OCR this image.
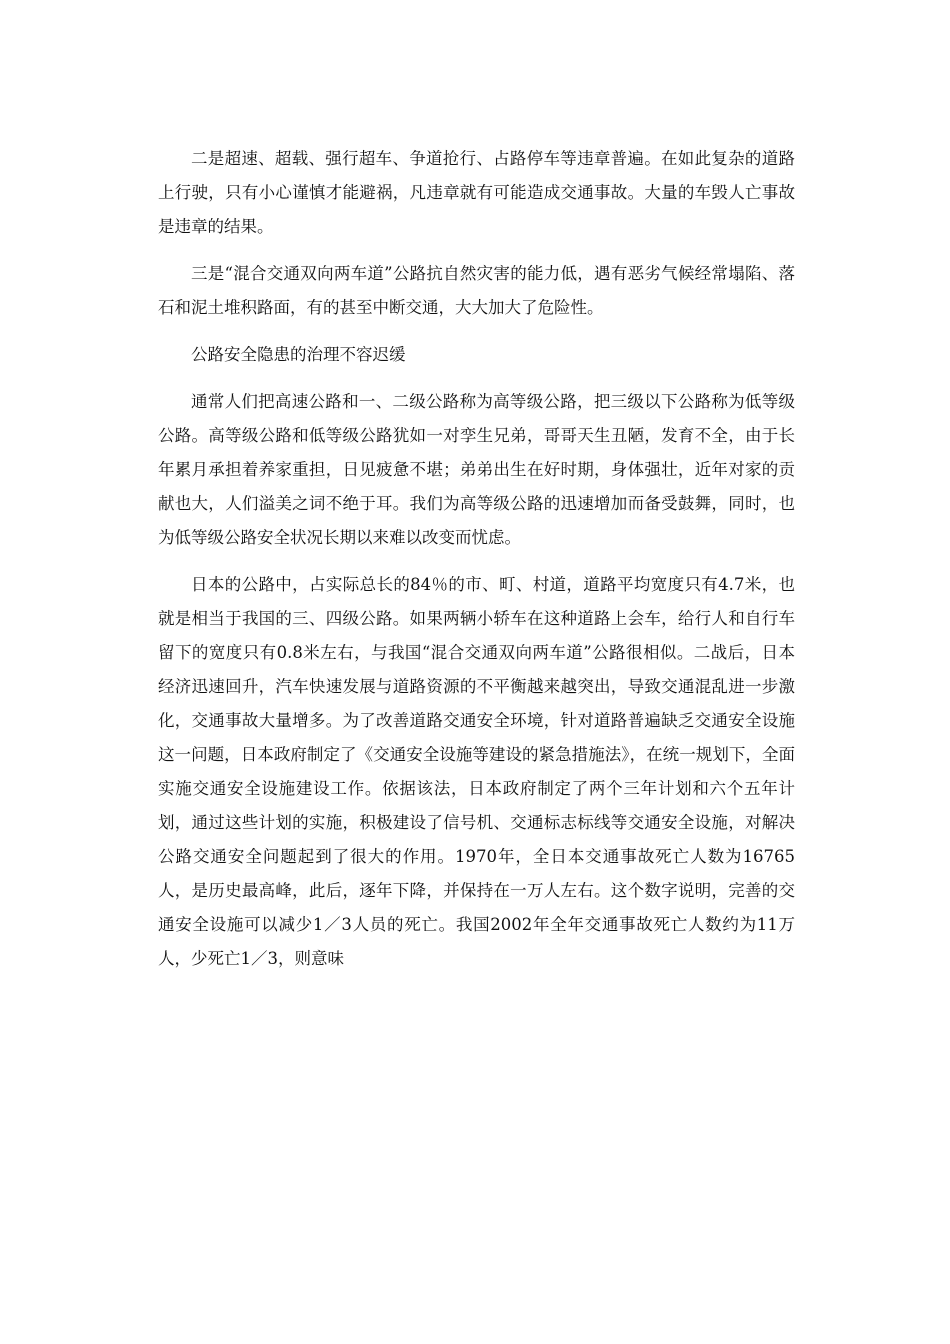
二是超速、超载、强行超车、争道抢行、占路停车等违章普遍。在如此复杂的道路上行驶，只有小心谨慎才能避祸，凡违章就有可能造成交通事故。大量的车毁人亡事故是违章的结果。

三是“混合交通双向两车道”公路抗自然灾害的能力低，遇有恶劣气候经常塌陷、落石和泥土堆积路面，有的甚至中断交通，大大加大了危险性。

公路安全隐患的治理不容迟缓

通常人们把高速公路和一、二级公路称为高等级公路，把三级以下公路称为低等级公路。高等级公路和低等级公路犹如一对孪生兄弟，哥哥天生丑陋，发育不全，由于长年累月承担着养家重担，日见疲惫不堪；弟弟出生在好时期，身体强壮，近年对家的贡献也大，人们溢美之词不绝于耳。我们为高等级公路的迅速增加而备受鼓舞，同时，也为低等级公路安全状况长期以来难以改变而忧虑。

日本的公路中，占实际总长的84％的市、町、村道，道路平均宽度只有4.7米，也就是相当于我国的三、四级公路。如果两辆小轿车在这种道路上会车，给行人和自行车留下的宽度只有0.8米左右，与我国“混合交通双向两车道”公路很相似。二战后，日本经济迅速回升，汽车快速发展与道路资源的不平衡越来越突出，导致交通混乱进一步激化，交通事故大量增多。为了改善道路交通安全环境，针对道路普遍缺乏交通安全设施这一问题，日本政府制定了《交通安全设施等建设的紧急措施法》，在统一规划下，全面实施交通安全设施建设工作。依据该法，日本政府制定了两个三年计划和六个五年计划，通过这些计划的实施，积极建设了信号机、交通标志标线等交通安全设施，对解决公路交通安全问题起到了很大的作用。1970年，全日本交通事故死亡人数为16765人，是历史最高峰，此后，逐年下降，并保持在一万人左右。这个数字说明，完善的交通安全设施可以减少1／3人员的死亡。我国2002年全年交通事故死亡人数约为11万人，少死亡1／3，则意味
